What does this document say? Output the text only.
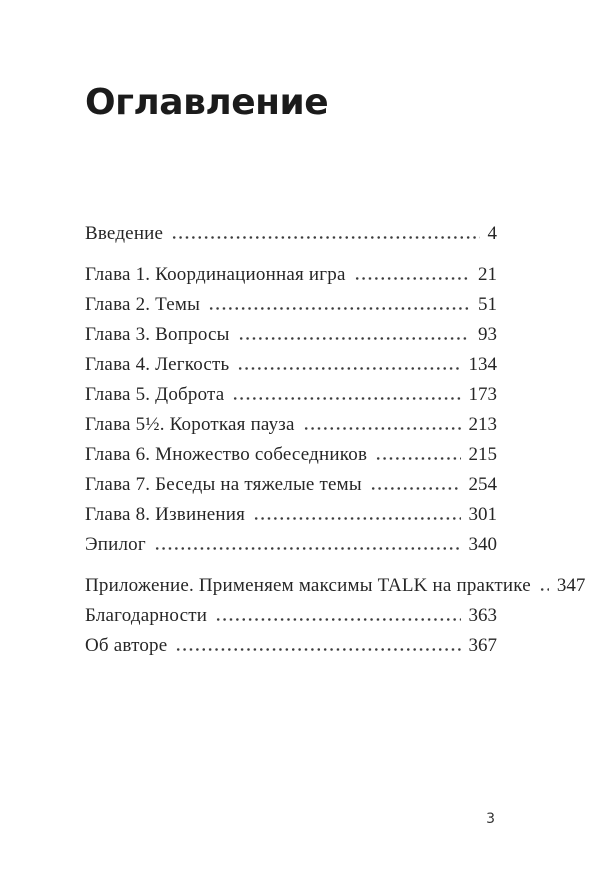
Оглавление
Введение	4
Глава 1. Координационная игра	21
Глава 2. Темы	51
Глава 3. Вопросы	93
Глава 4. Легкость	134
Глава 5. Доброта	173
Глава 5½. Короткая пауза	213
Глава 6. Множество собеседников	215
Глава 7. Беседы на тяжелые темы	254
Глава 8. Извинения	301
Эпилог	340
Приложение. Применяем максимы TALK на практике 347
Благодарности	363
Об авторе	367
3
